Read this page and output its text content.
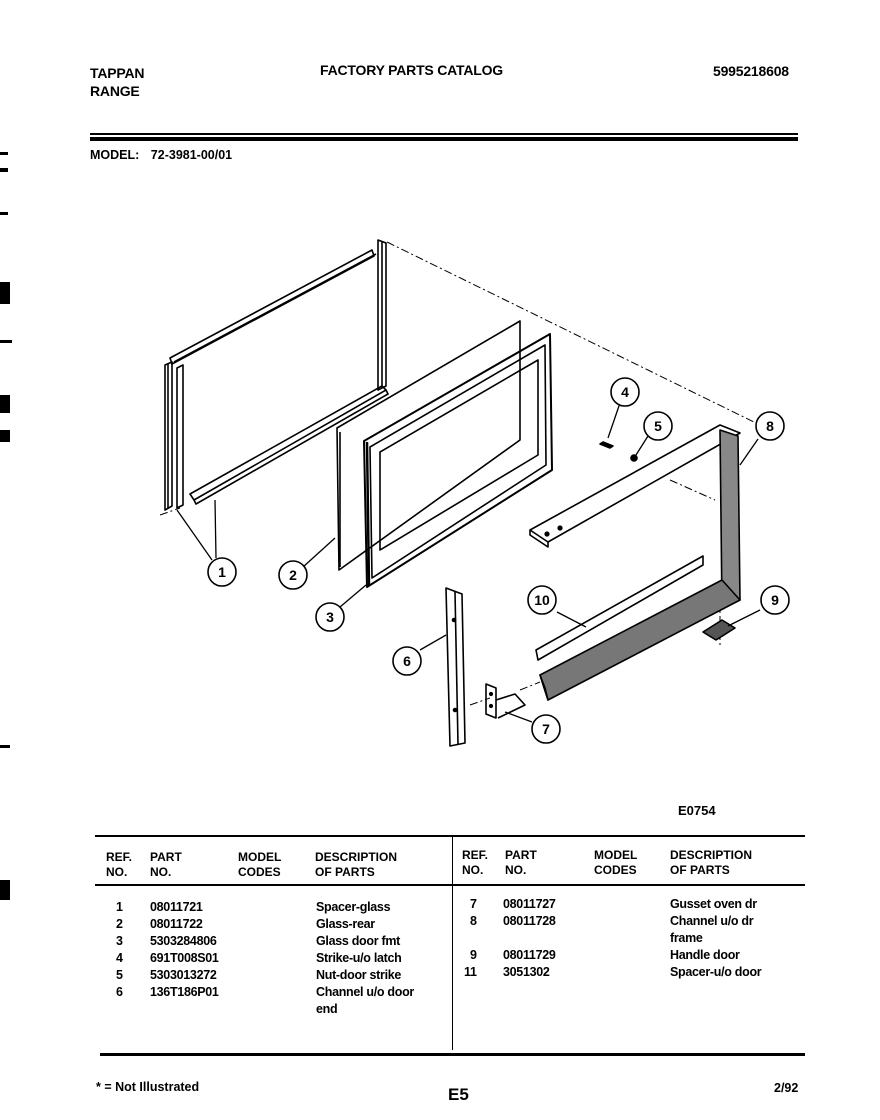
TAPPAN
RANGE
FACTORY PARTS CATALOG	5995218608
MODEL: 72-3981-00/01
1	2
3
4
5	8
10	9
6
7
E0754
REF.
NO.
PART
NO.
MODEL
CODES
DESCRIPTION
OF PARTS
REF.
NO.
PART
NO.
MODEL
CODES
DESCRIPTION
OF PARTS
1 08011721	Spacer-glass
2 08011722	Glass-rear
3 5303284806	Glass door fmt
4 691T008S01	Strike-u/o latch
5 5303013272	Nut-door strike
6 136T186P01	Channel u/o door
end
7 08011727	Gusset oven dr
8 08011728	Channel u/o dr
frame
9 08011729	Handle door
11 3051302	Spacer-u/o door
* = Not Illustrated	E5	2/92
